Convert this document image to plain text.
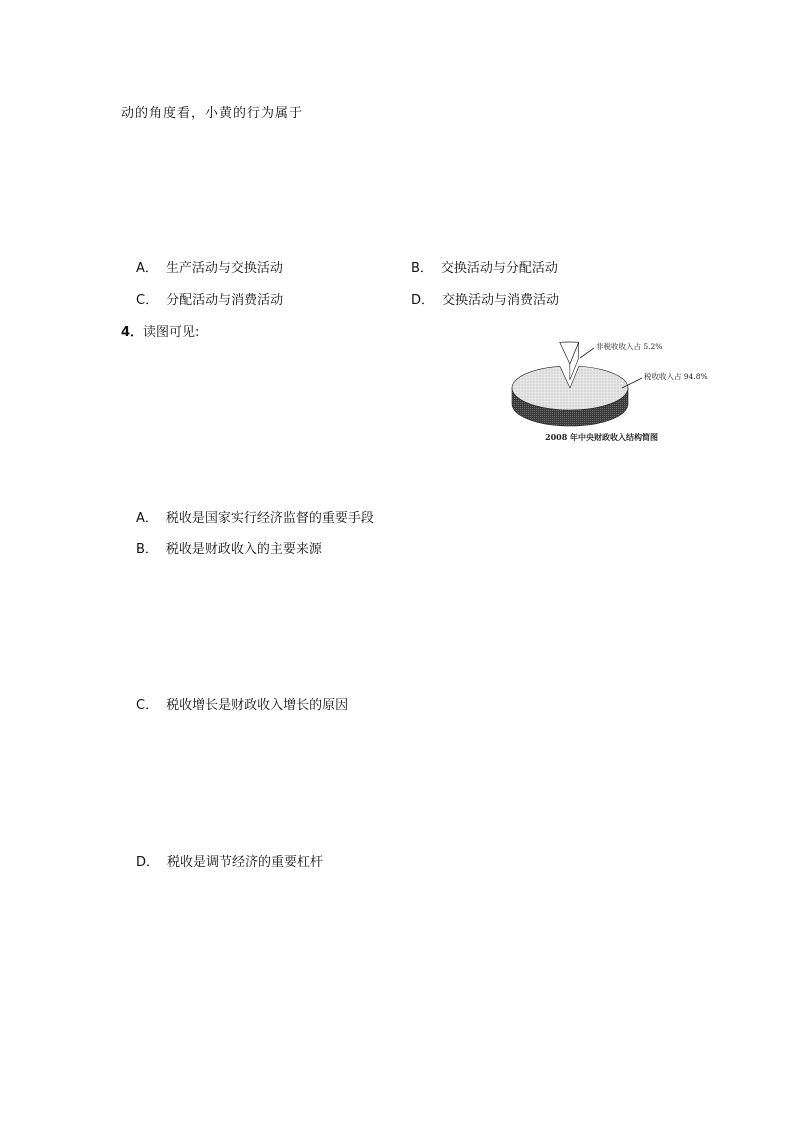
动的角度看，小黄的行为属于
A． 生产活动与交换活动	B． 交换活动与分配活动
C． 分配活动与消费活动	D． 交换活动与消费活动
4．读图可见:
非税收收入占 5.2%
税收收入占 94.8%
2008 年中央财政收入结构简图
A． 税收是国家实行经济监督的重要手段
B． 税收是财政收入的主要来源
C． 税收增长是财政收入增长的原因
D． 税收是调节经济的重要杠杆
